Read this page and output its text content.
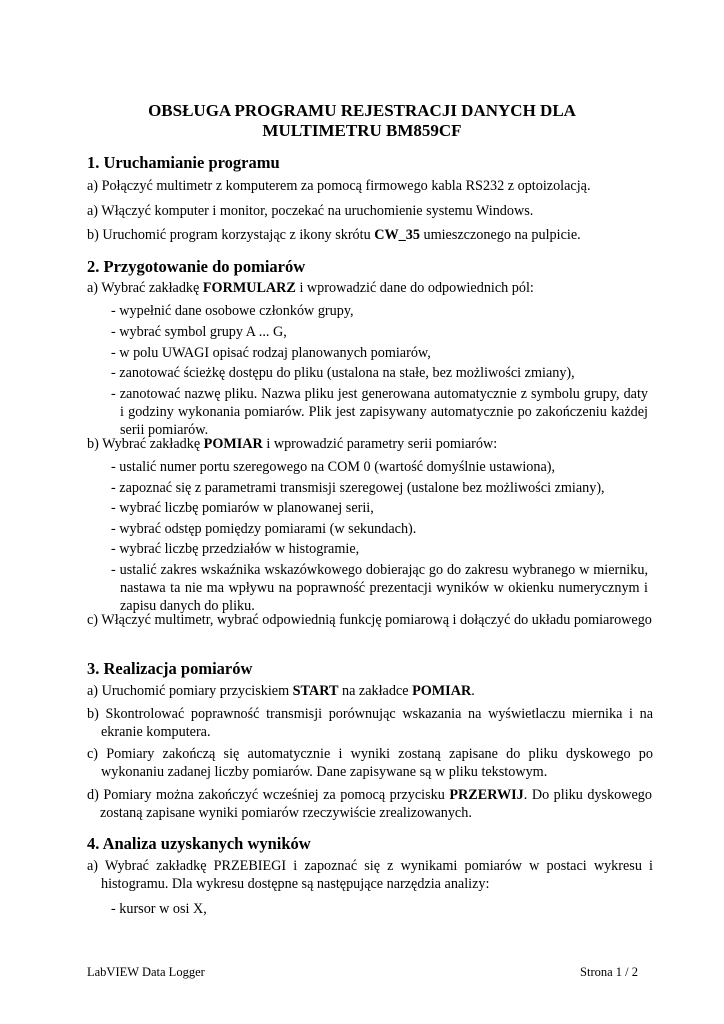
OBSŁUGA PROGRAMU REJESTRACJI DANYCH DLA
MULTIMETRU BM859CF
1. Uruchamianie programu
a) Połączyć multimetr z komputerem za pomocą firmowego kabla RS232 z optoizolacją.
a) Włączyć komputer i monitor, poczekać na uruchomienie systemu Windows.
b) Uruchomić program korzystając z ikony skrótu CW_35 umieszczonego na pulpicie.
2. Przygotowanie do pomiarów
a) Wybrać zakładkę FORMULARZ i wprowadzić dane do odpowiednich pól:
- wypełnić dane osobowe członków grupy,
- wybrać symbol grupy A ... G,
- w polu UWAGI opisać rodzaj planowanych pomiarów,
- zanotować ścieżkę dostępu do pliku (ustalona na stałe, bez możliwości zmiany),
- zanotować nazwę pliku. Nazwa pliku jest generowana automatycznie z symbolu grupy, daty i godziny wykonania pomiarów. Plik jest zapisywany automatycznie po zakończeniu każdej serii pomiarów.
b) Wybrać zakładkę POMIAR i wprowadzić parametry serii pomiarów:
- ustalić numer portu szeregowego na COM 0 (wartość domyślnie ustawiona),
- zapoznać się z parametrami transmisji szeregowej (ustalone bez możliwości zmiany),
- wybrać liczbę pomiarów w planowanej serii,
- wybrać odstęp pomiędzy pomiarami (w sekundach).
- wybrać liczbę przedziałów w histogramie,
- ustalić zakres wskaźnika wskazówkowego dobierając go do zakresu wybranego w mierniku, nastawa ta nie ma wpływu na poprawność prezentacji wyników w okienku numerycznym i zapisu danych do pliku.
c) Włączyć multimetr, wybrać odpowiednią funkcję pomiarową i dołączyć do układu pomiarowego
3. Realizacja pomiarów
a) Uruchomić pomiary przyciskiem START na zakładce POMIAR.
b) Skontrolować poprawność transmisji porównując wskazania na wyświetlaczu miernika i na ekranie komputera.
c) Pomiary zakończą się automatycznie i wyniki zostaną zapisane do pliku dyskowego po wykonaniu zadanej liczby pomiarów. Dane zapisywane są w pliku tekstowym.
d) Pomiary można zakończyć wcześniej za pomocą przycisku PRZERWIJ. Do pliku dyskowego zostaną zapisane wyniki pomiarów rzeczywiście zrealizowanych.
4. Analiza uzyskanych wyników
a) Wybrać zakładkę PRZEBIEGI i zapoznać się z wynikami pomiarów w postaci wykresu i histogramu. Dla wykresu dostępne są następujące narzędzia analizy:
- kursor w osi X,
LabVIEW Data Logger	Strona 1 / 2
